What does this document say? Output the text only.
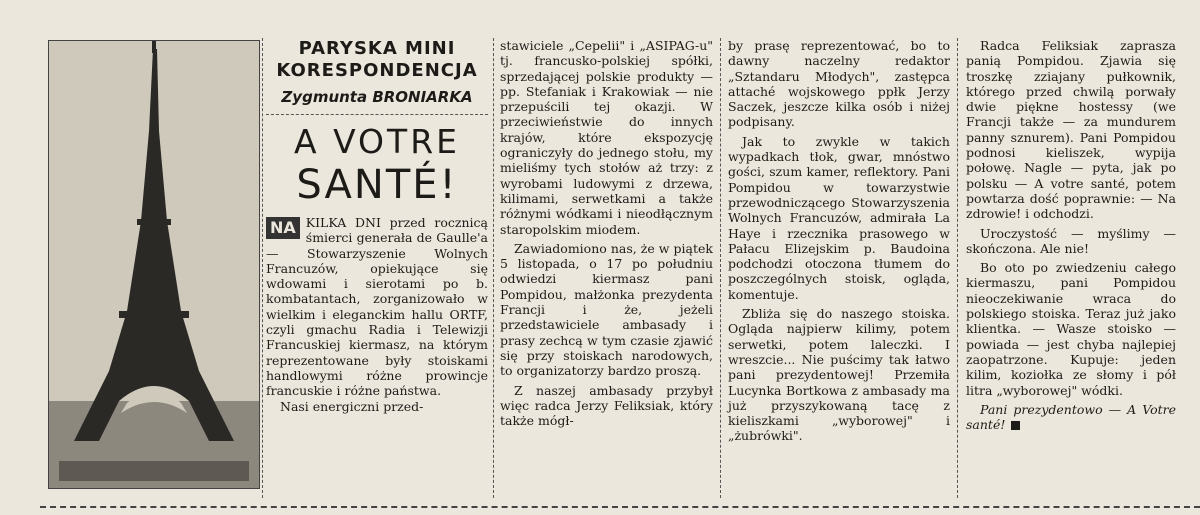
PARYSKA MINI KORESPONDENCJA
Zygmunta BRONIARKA
A VOTRE
SANTÉ!
NA KILKA DNI przed rocznicą śmierci generała de Gaulle'a — Stowarzyszenie Wolnych Francuzów, opiekujące się wdowami i sierotami po b. kombatantach, zorganizowało w wielkim i eleganckim hallu ORTF, czyli gmachu Radia i Telewizji Francuskiej kiermasz, na którym reprezentowane były stoiskami handlowymi różne prowincje francuskie i różne państwa.
Nasi energiczni przed-

stawiciele „Cepelii" i „ASIPAG-u" tj. francusko-polskiej spółki, sprzedającej polskie produkty — pp. Stefaniak i Krakowiak — nie przepuścili tej okazji. W przeciwieństwie do innych krajów, które ekspozycję ograniczyły do jednego stołu, my mieliśmy tych stołów aż trzy: z wyrobami ludowymi z drzewa, kilimami, serwetkami a także różnymi wódkami i nieodłącznym staropolskim miodem.

Zawiadomiono nas, że w piątek 5 listopada, o 17 po południu odwiedzi kiermasz pani Pompidou, małżonka prezydenta Francji i że, jeżeli przedstawiciele ambasady i prasy zechcą w tym czasie zjawić się przy stoiskach narodowych, to organizatorzy bardzo proszą.

Z naszej ambasady przybył więc radca Jerzy Feliksiak, który także mógł-

by prasę reprezentować, bo to dawny naczelny redaktor „Sztandaru Młodych", zastępca attaché wojskowego ppłk Jerzy Saczek, jeszcze kilka osób i niżej podpisany.

Jak to zwykle w takich wypadkach tłok, gwar, mnóstwo gości, szum kamer, reflektory. Pani Pompidou w towarzystwie przewodniczącego Stowarzyszenia Wolnych Francuzów, admirała La Haye i rzecznika prasowego w Pałacu Elizejskim p. Baudoina podchodzi otoczona tłumem do poszczególnych stoisk, ogląda, komentuje.

Zbliża się do naszego stoiska. Ogląda najpierw kilimy, potem serwetki, potem laleczki. I wreszcie... Nie puścimy tak łatwo pani prezydentowej! Przemiła Lucynka Bortkowa z ambasady ma już przyszykowaną tacę z kieliszkami „wyborowej" i „żubrówki".

Radca Feliksiak zaprasza panią Pompidou. Zjawia się troszkę zziajany pułkownik, którego przed chwilą porwały dwie piękne hostessy (we Francji także — za mundurem panny sznurem). Pani Pompidou podnosi kieliszek, wypija połowę. Nagle — pyta, jak po polsku — A votre santé, potem powtarza dość poprawnie: — Na zdrowie! i odchodzi.

Uroczystość — myślimy — skończona. Ale nie!

Bo oto po zwiedzeniu całego kiermaszu, pani Pompidou nieoczekiwanie wraca do polskiego stoiska. Teraz już jako klientka. — Wasze stoisko — powiada — jest chyba najlepiej zaopatrzone. Kupuje: jeden kilim, koziołka ze słomy i pół litra „wyborowej" wódki.

Pani prezydentowo — A Votre santé!
